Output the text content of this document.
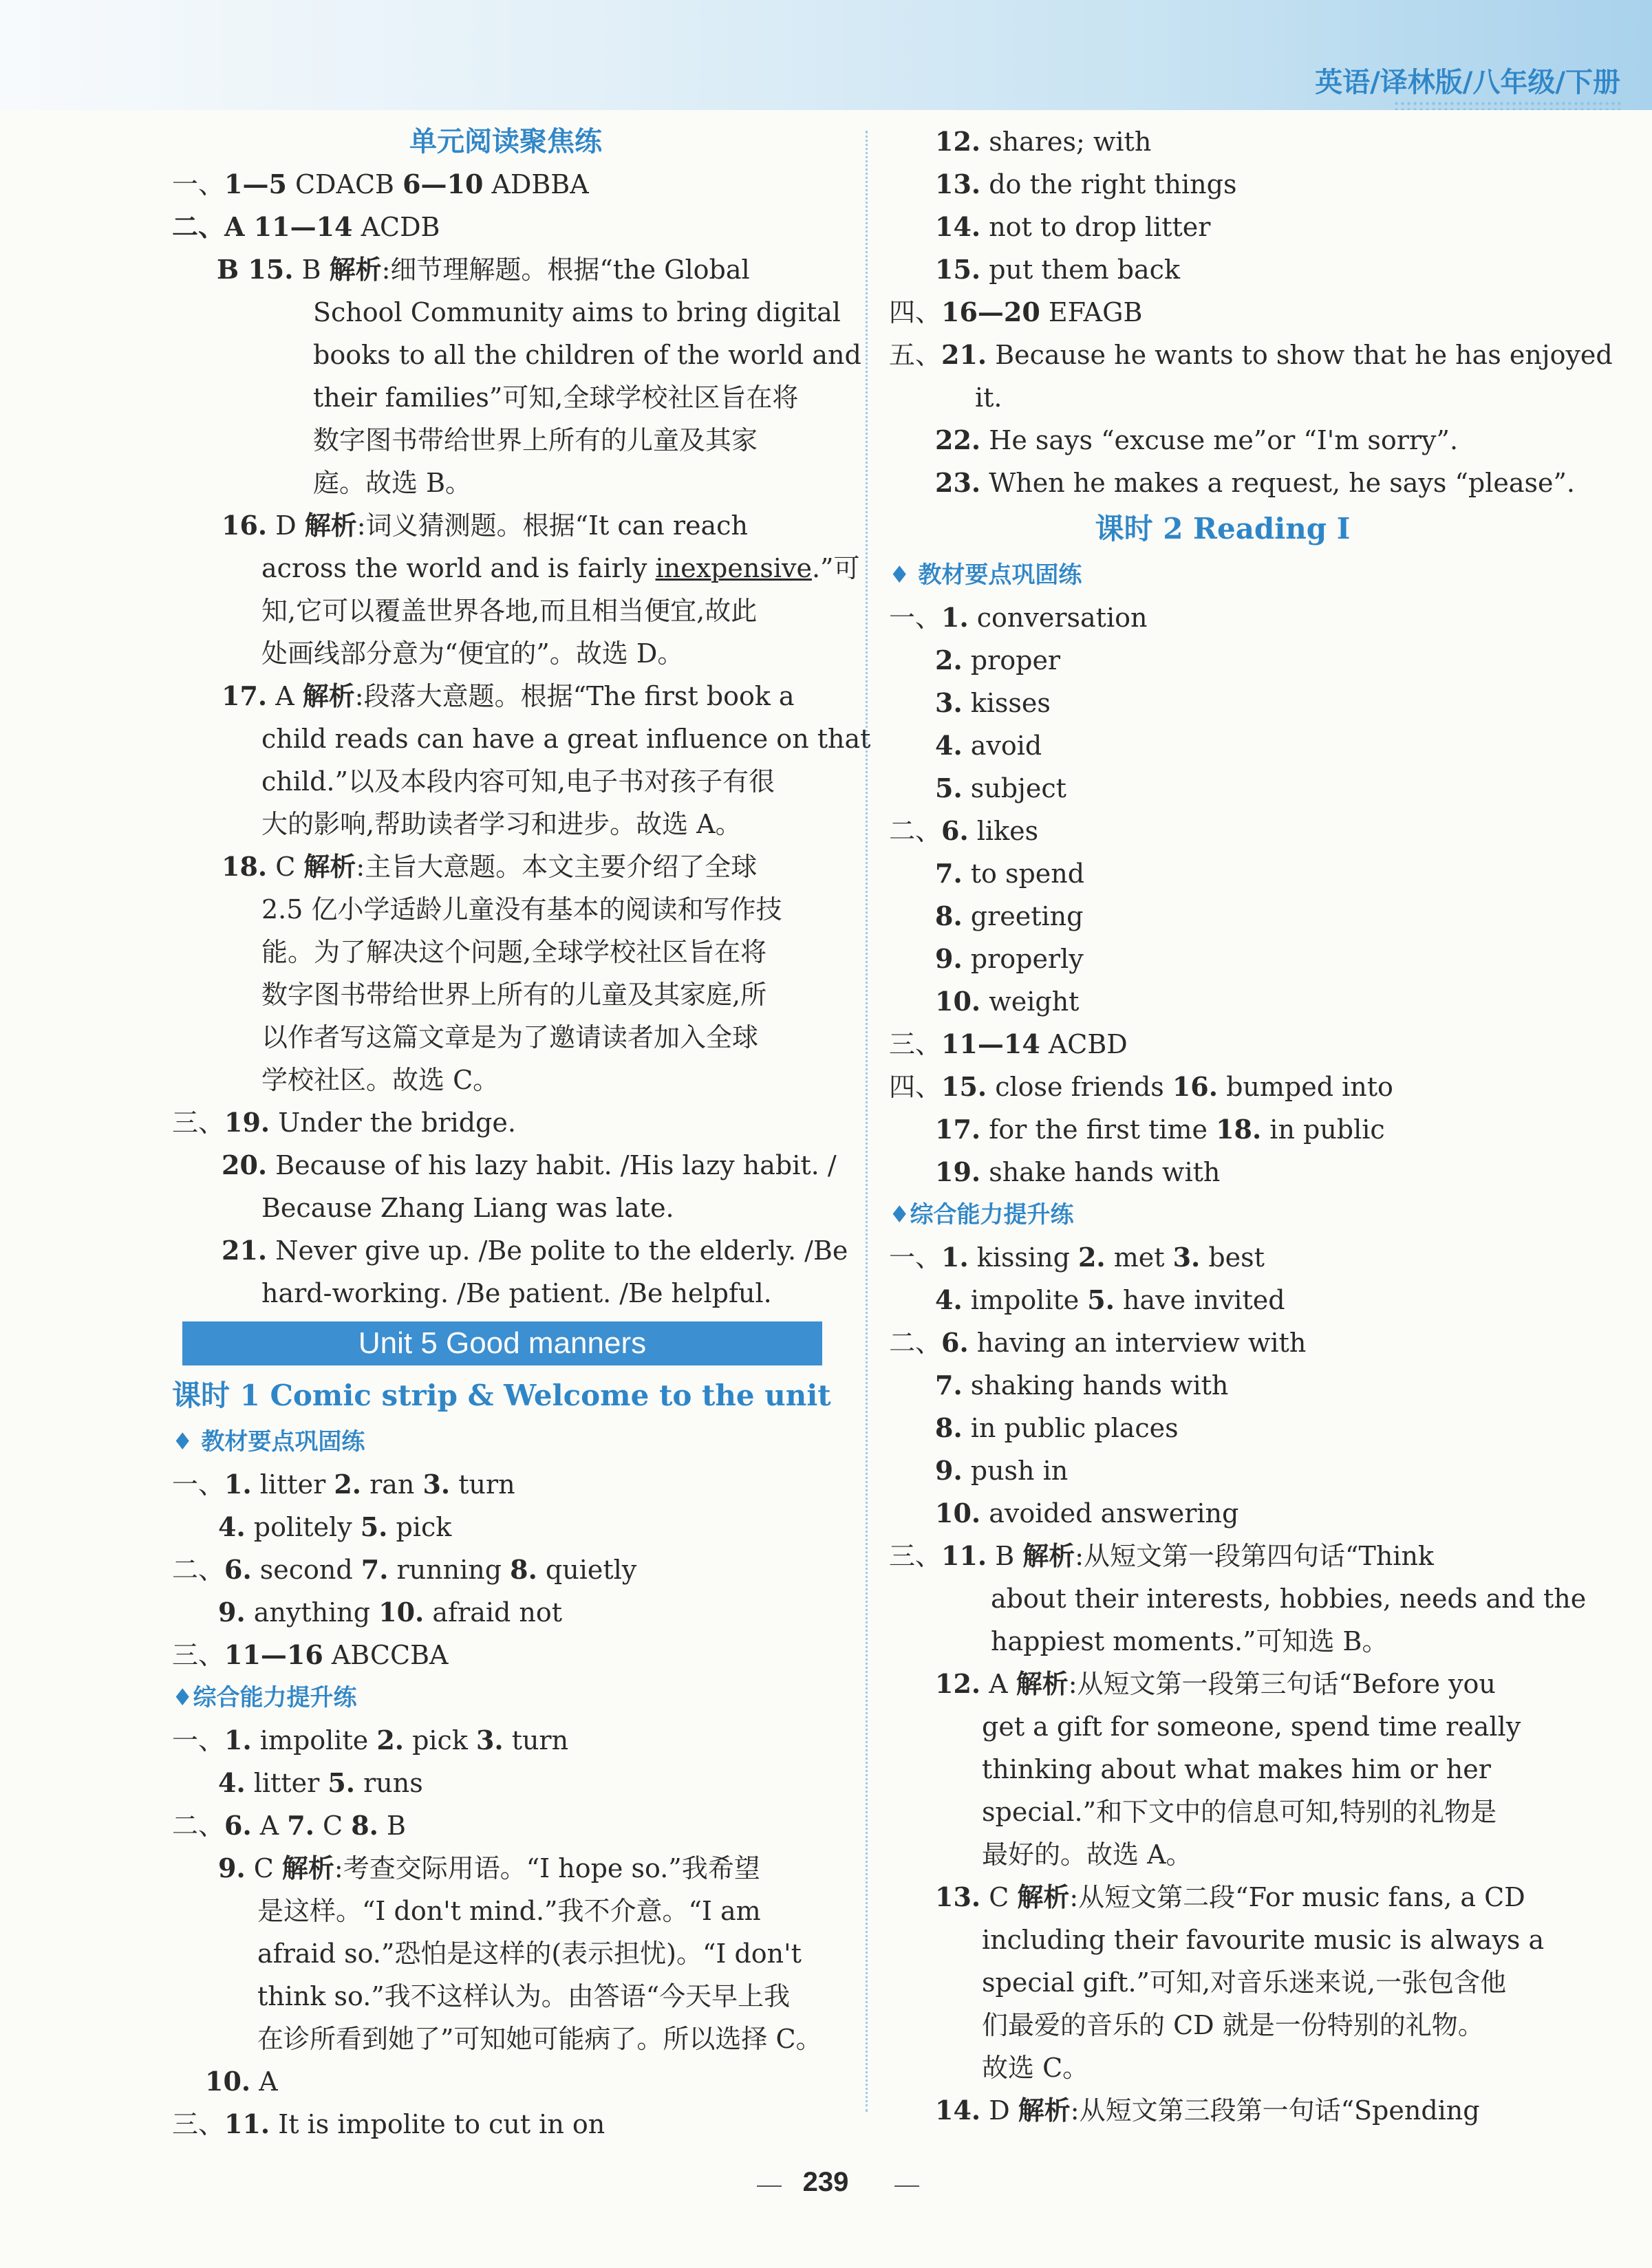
英语/译林版/八年级/下册
单元阅读聚焦练
一、1—5 CDACB 6—10 ADBBA
二、A 11—14 ACDB
B 15. B 解析:细节理解题。根据“the Global
School Community aims to bring digital
books to all the children of the world and
their families”可知,全球学校社区旨在将
数字图书带给世界上所有的儿童及其家
庭。故选 B。
16. D 解析:词义猜测题。根据“It can reach
across the world and is fairly inexpensive.”可
知,它可以覆盖世界各地,而且相当便宜,故此
处画线部分意为“便宜的”。故选 D。
17. A 解析:段落大意题。根据“The first book a
child reads can have a great influence on that
child.”以及本段内容可知,电子书对孩子有很
大的影响,帮助读者学习和进步。故选 A。
18. C 解析:主旨大意题。本文主要介绍了全球
2.5 亿小学适龄儿童没有基本的阅读和写作技
能。为了解决这个问题,全球学校社区旨在将
数字图书带给世界上所有的儿童及其家庭,所
以作者写这篇文章是为了邀请读者加入全球
学校社区。故选 C。
三、19. Under the bridge.
20. Because of his lazy habit. /His lazy habit. /
Because Zhang Liang was late.
21. Never give up. /Be polite to the elderly. /Be
hard-working. /Be patient. /Be helpful.
Unit 5 Good manners
课时 1 Comic strip & Welcome to the unit
♦ 教材要点巩固练
一、1. litter 2. ran 3. turn
4. politely 5. pick
二、6. second 7. running 8. quietly
9. anything 10. afraid not
三、11—16 ABCCBA
♦综合能力提升练
一、1. impolite 2. pick 3. turn
4. litter 5. runs
二、6. A 7. C 8. B
9. C 解析:考查交际用语。“I hope so.”我希望
是这样。“I don't mind.”我不介意。“I am
afraid so.”恐怕是这样的(表示担忧)。“I don't
think so.”我不这样认为。由答语“今天早上我
在诊所看到她了”可知她可能病了。所以选择 C。
10. A
三、11. It is impolite to cut in on
12. shares; with
13. do the right things
14. not to drop litter
15. put them back
四、16—20 EFAGB
五、21. Because he wants to show that he has enjoyed
it.
22. He says “excuse me”or “I'm sorry”.
23. When he makes a request, he says “please”.
课时 2 Reading Ⅰ
♦ 教材要点巩固练
一、1. conversation
2. proper
3. kisses
4. avoid
5. subject
二、6. likes
7. to spend
8. greeting
9. properly
10. weight
三、11—14 ACBD
四、15. close friends 16. bumped into
17. for the first time 18. in public
19. shake hands with
♦综合能力提升练
一、1. kissing 2. met 3. best
4. impolite 5. have invited
二、6. having an interview with
7. shaking hands with
8. in public places
9. push in
10. avoided answering
三、11. B 解析:从短文第一段第四句话“Think
about their interests, hobbies, needs and the
happiest moments.”可知选 B。
12. A 解析:从短文第一段第三句话“Before you
get a gift for someone, spend time really
thinking about what makes him or her
special.”和下文中的信息可知,特别的礼物是
最好的。故选 A。
13. C 解析:从短文第二段“For music fans, a CD
including their favourite music is always a
special gift.”可知,对音乐迷来说,一张包含他
们最爱的音乐的 CD 就是一份特别的礼物。
故选 C。
14. D 解析:从短文第三段第一句话“Spending
239
